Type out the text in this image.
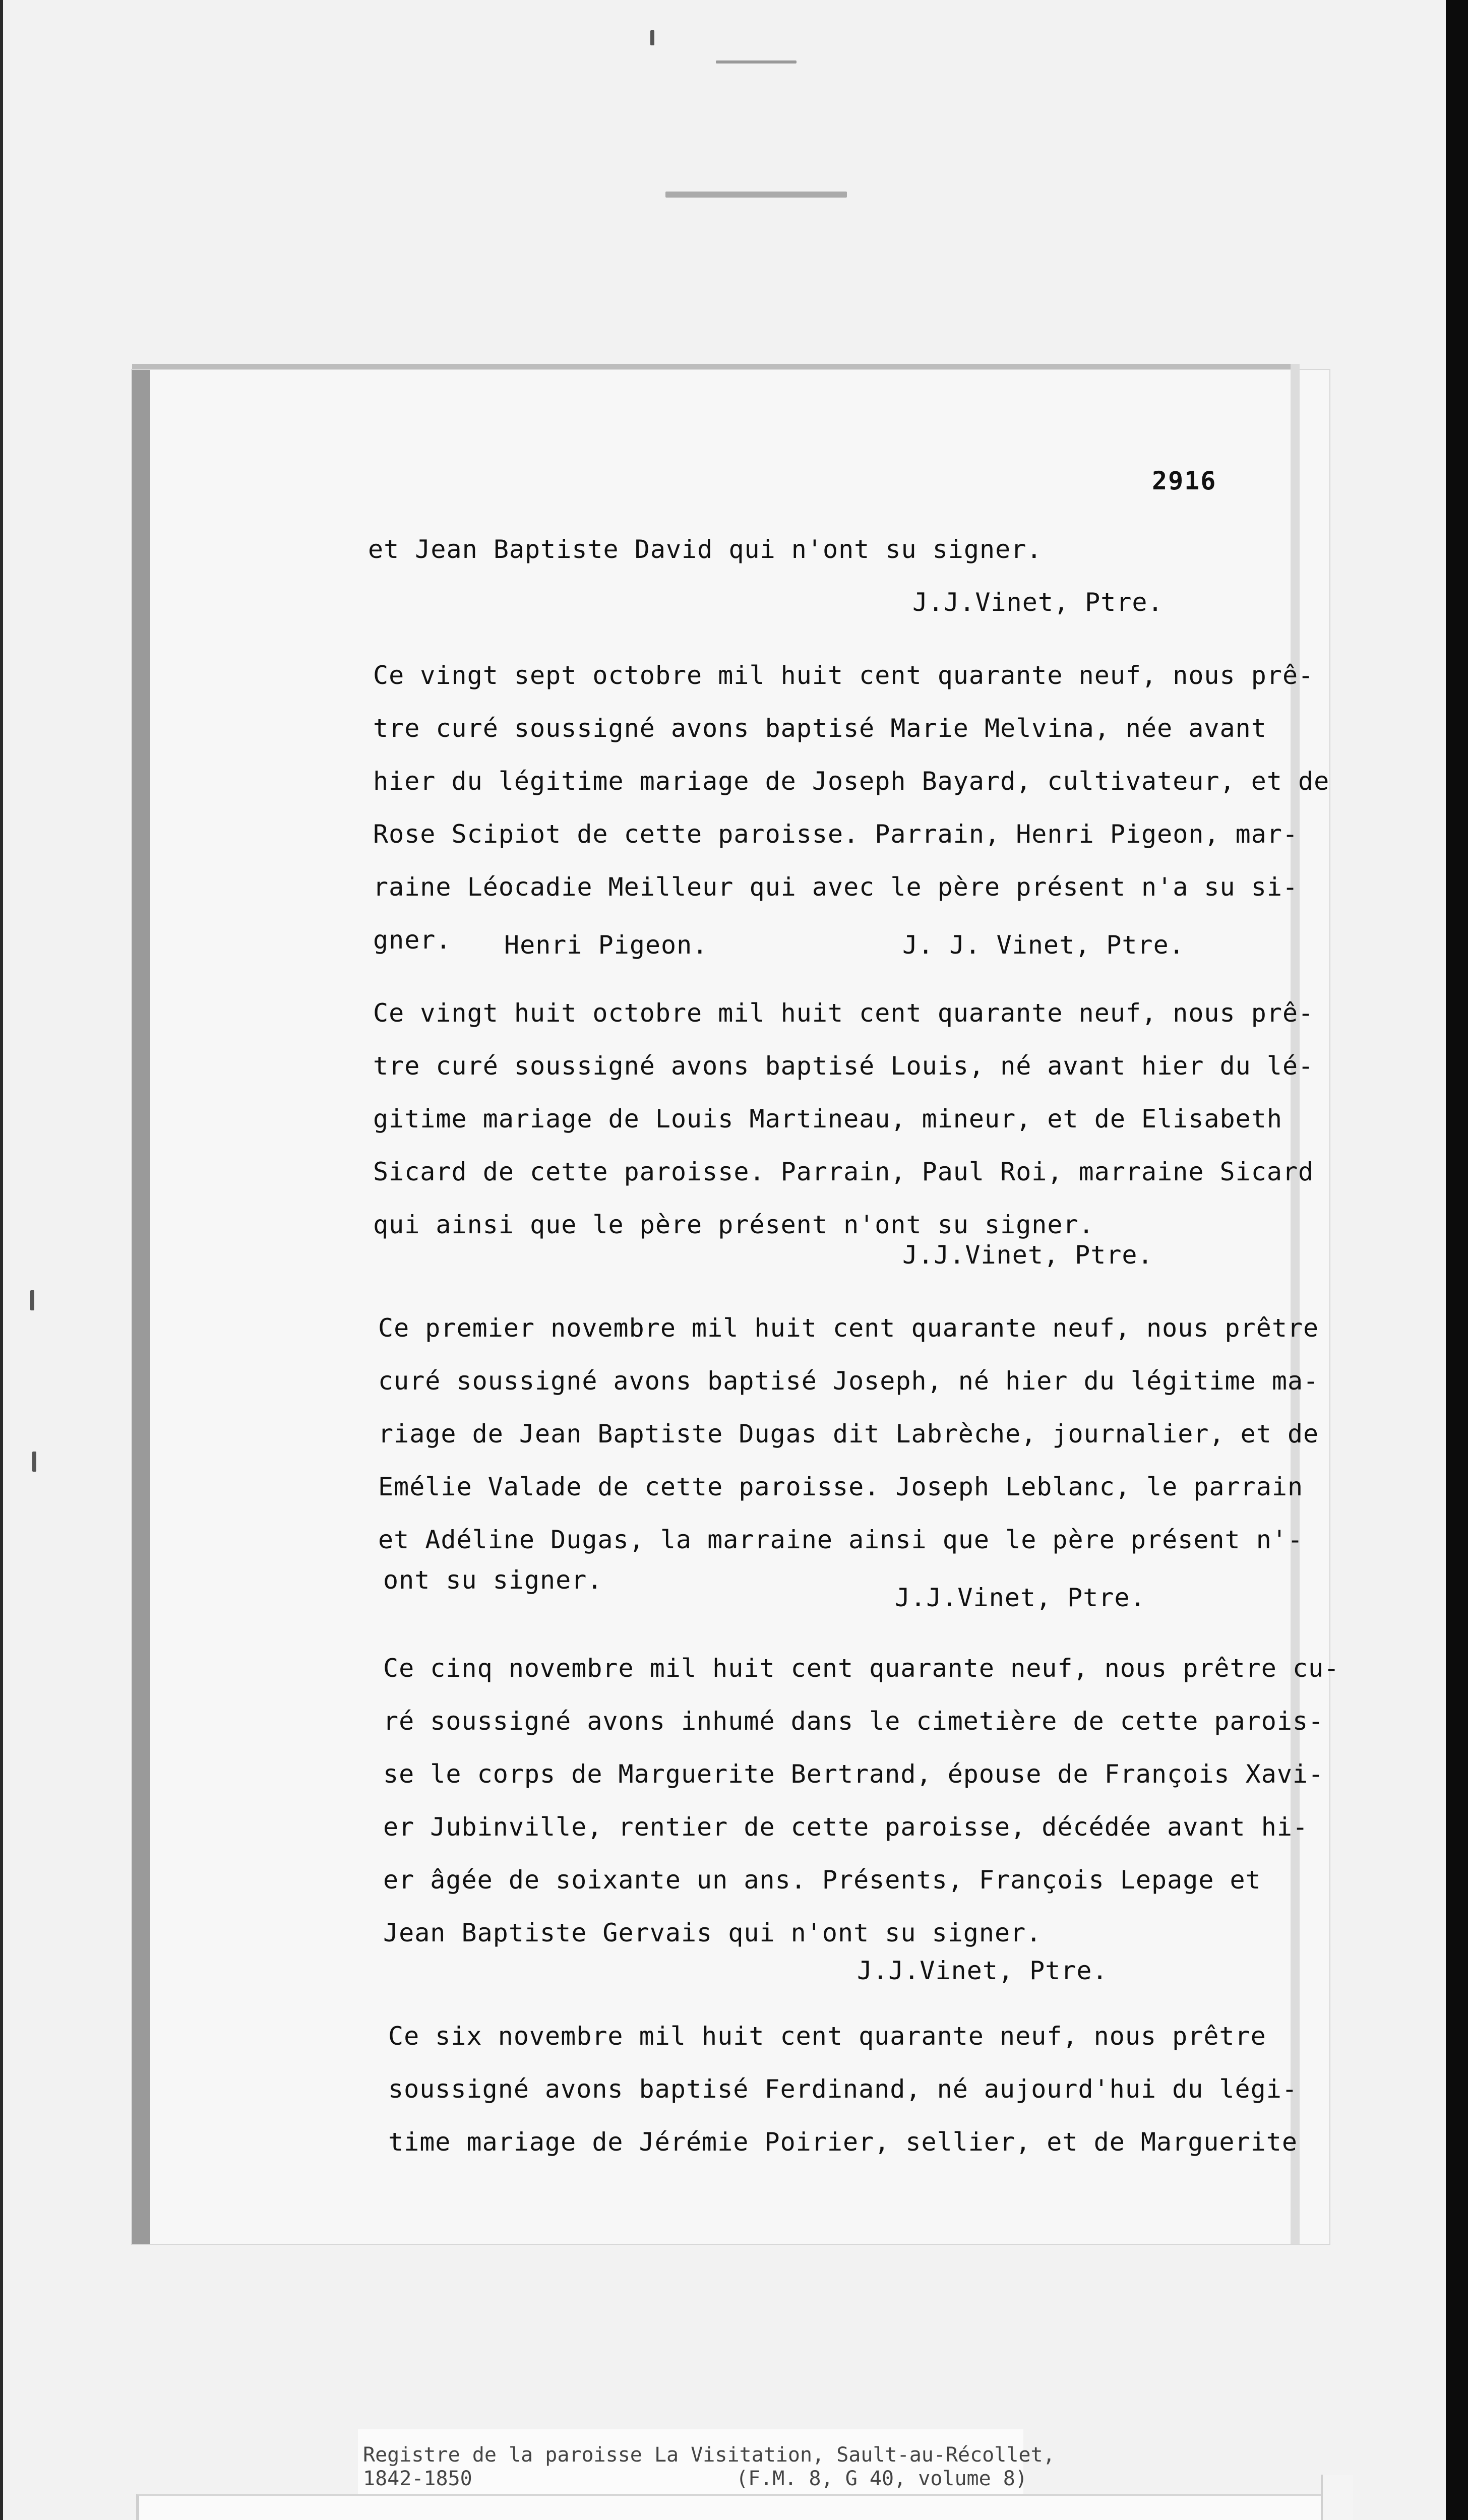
2916
et Jean Baptiste David qui n'ont su signer.
J.J.Vinet, Ptre.
Ce vingt sept octobre mil huit cent quarante neuf, nous prê-
tre curé soussigné avons baptisé Marie Melvina, née avant
hier du légitime mariage de Joseph Bayard, cultivateur, et de
Rose Scipiot de cette paroisse. Parrain, Henri Pigeon, mar-
raine Léocadie Meilleur qui avec le père présent n'a su si-
gner. Henri Pigeon.	J. J. Vinet, Ptre.
Ce vingt huit octobre mil huit cent quarante neuf, nous prê-
tre curé soussigné avons baptisé Louis, né avant hier du lé-
gitime mariage de Louis Martineau, mineur, et de Elisabeth
Sicard de cette paroisse. Parrain, Paul Roi, marraine Sicard
qui ainsi que le père présent n'ont su signer.
J.J.Vinet, Ptre.
Ce premier novembre mil huit cent quarante neuf, nous prêtre
curé soussigné avons baptisé Joseph, né hier du légitime ma-
riage de Jean Baptiste Dugas dit Labrèche, journalier, et de
Emélie Valade de cette paroisse. Joseph Leblanc, le parrain
et Adéline Dugas, la marraine ainsi que le père présent n'-
ont su signer.
J.J.Vinet, Ptre.
Ce cinq novembre mil huit cent quarante neuf, nous prêtre cu-
ré soussigné avons inhumé dans le cimetière de cette parois-
se le corps de Marguerite Bertrand, épouse de François Xavi-
er Jubinville, rentier de cette paroisse, décédée avant hi-
er âgée de soixante un ans. Présents, François Lepage et
Jean Baptiste Gervais qui n'ont su signer.
J.J.Vinet, Ptre.
Ce six novembre mil huit cent quarante neuf, nous prêtre
soussigné avons baptisé Ferdinand, né aujourd'hui du légi-
time mariage de Jérémie Poirier, sellier, et de Marguerite
Registre de la paroisse La Visitation, Sault-au-Récollet,
1842-1850	(F.M. 8, G 40, volume 8)
